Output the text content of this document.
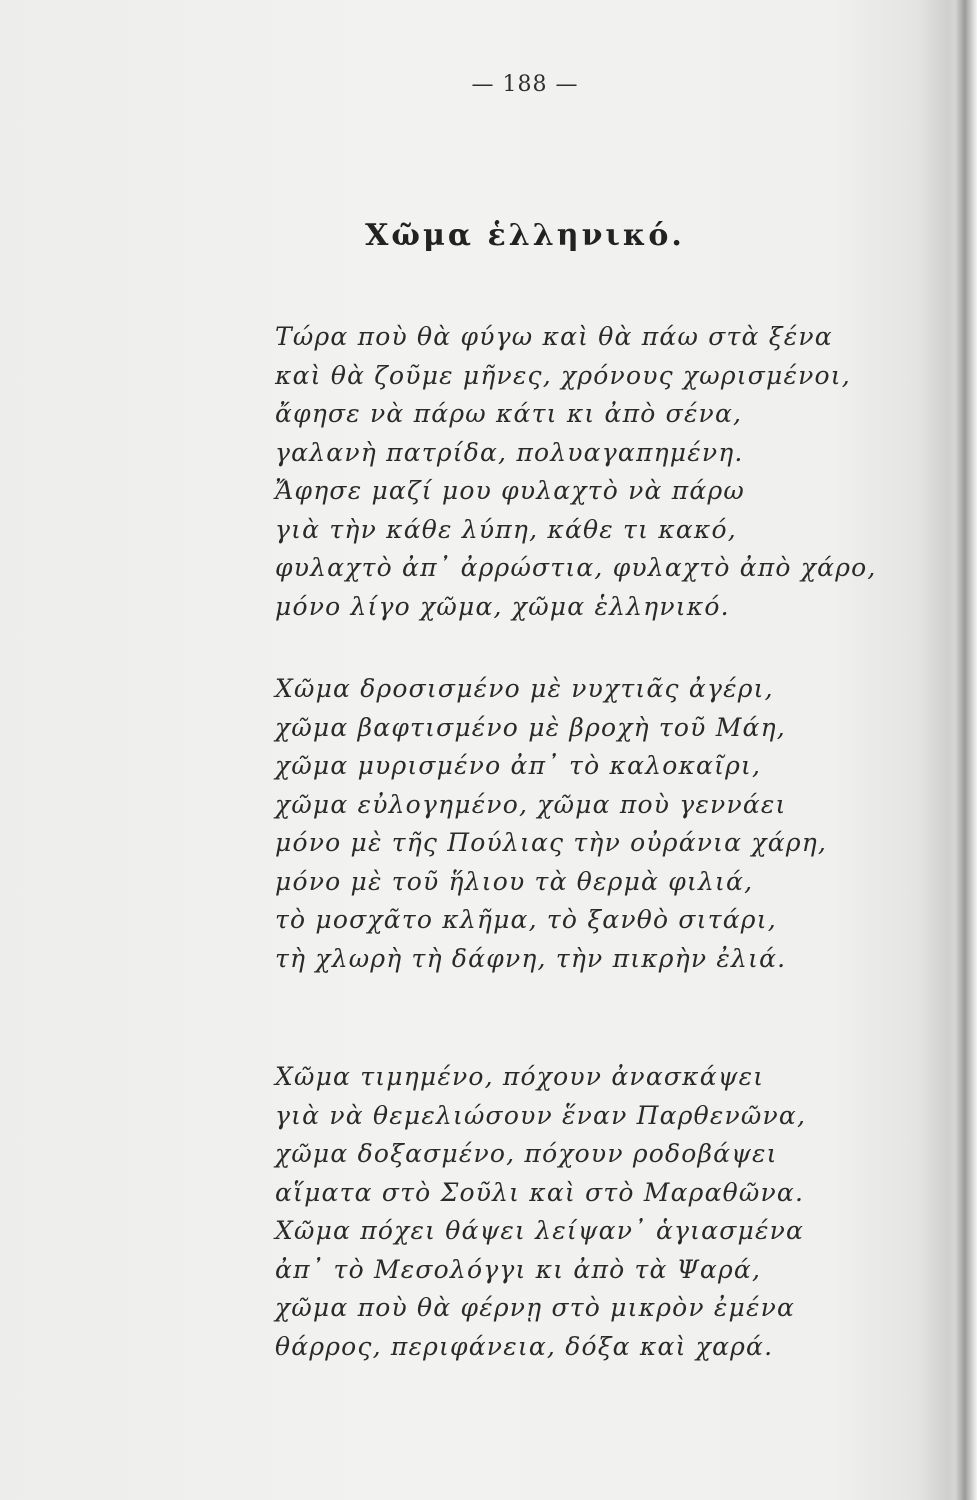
— 188 —
Χῶμα ἑλληνικό.
Τώρα ποὺ θὰ φύγω καὶ θὰ πάω στὰ ξένα
καὶ θὰ ζοῦμε μῆνες, χρόνους χωρισμένοι,
ἄφησε νὰ πάρω κάτι κι ἀπὸ σένα,
γαλανὴ πατρίδα, πολυαγαπημένη.
Ἄφησε μαζί μου φυλαχτὸ νὰ πάρω
γιὰ τὴν κάθε λύπη, κάθε τι κακό,
φυλαχτὸ ἀπ᾿ ἀρρώστια, φυλαχτὸ ἀπὸ χάρο,
μόνο λίγο χῶμα, χῶμα ἑλληνικό.
Χῶμα δροσισμένο μὲ νυχτιᾶς ἀγέρι,
χῶμα βαφτισμένο μὲ βροχὴ τοῦ Μάη,
χῶμα μυρισμένο ἀπ᾿ τὸ καλοκαῖρι,
χῶμα εὐλογημένο, χῶμα ποὺ γεννάει
μόνο μὲ τῆς Πούλιας τὴν οὐράνια χάρη,
μόνο μὲ τοῦ ἥλιου τὰ θερμὰ φιλιά,
τὸ μοσχᾶτο κλῆμα, τὸ ξανθὸ σιτάρι,
τὴ χλωρὴ τὴ δάφνη, τὴν πικρὴν ἐλιά.
Χῶμα τιμημένο, πόχουν ἀνασκάψει
γιὰ νὰ θεμελιώσουν ἕναν Παρθενῶνα,
χῶμα δοξασμένο, πόχουν ροδοβάψει
αἵματα στὸ Σοῦλι καὶ στὸ Μαραθῶνα.
Χῶμα πόχει θάψει λείψαν᾿ ἁγιασμένα
ἀπ᾿ τὸ Μεσολόγγι κι ἀπὸ τὰ Ψαρά,
χῶμα ποὺ θὰ φέρνῃ στὸ μικρὸν ἐμένα
θάρρος, περιφάνεια, δόξα καὶ χαρά.
